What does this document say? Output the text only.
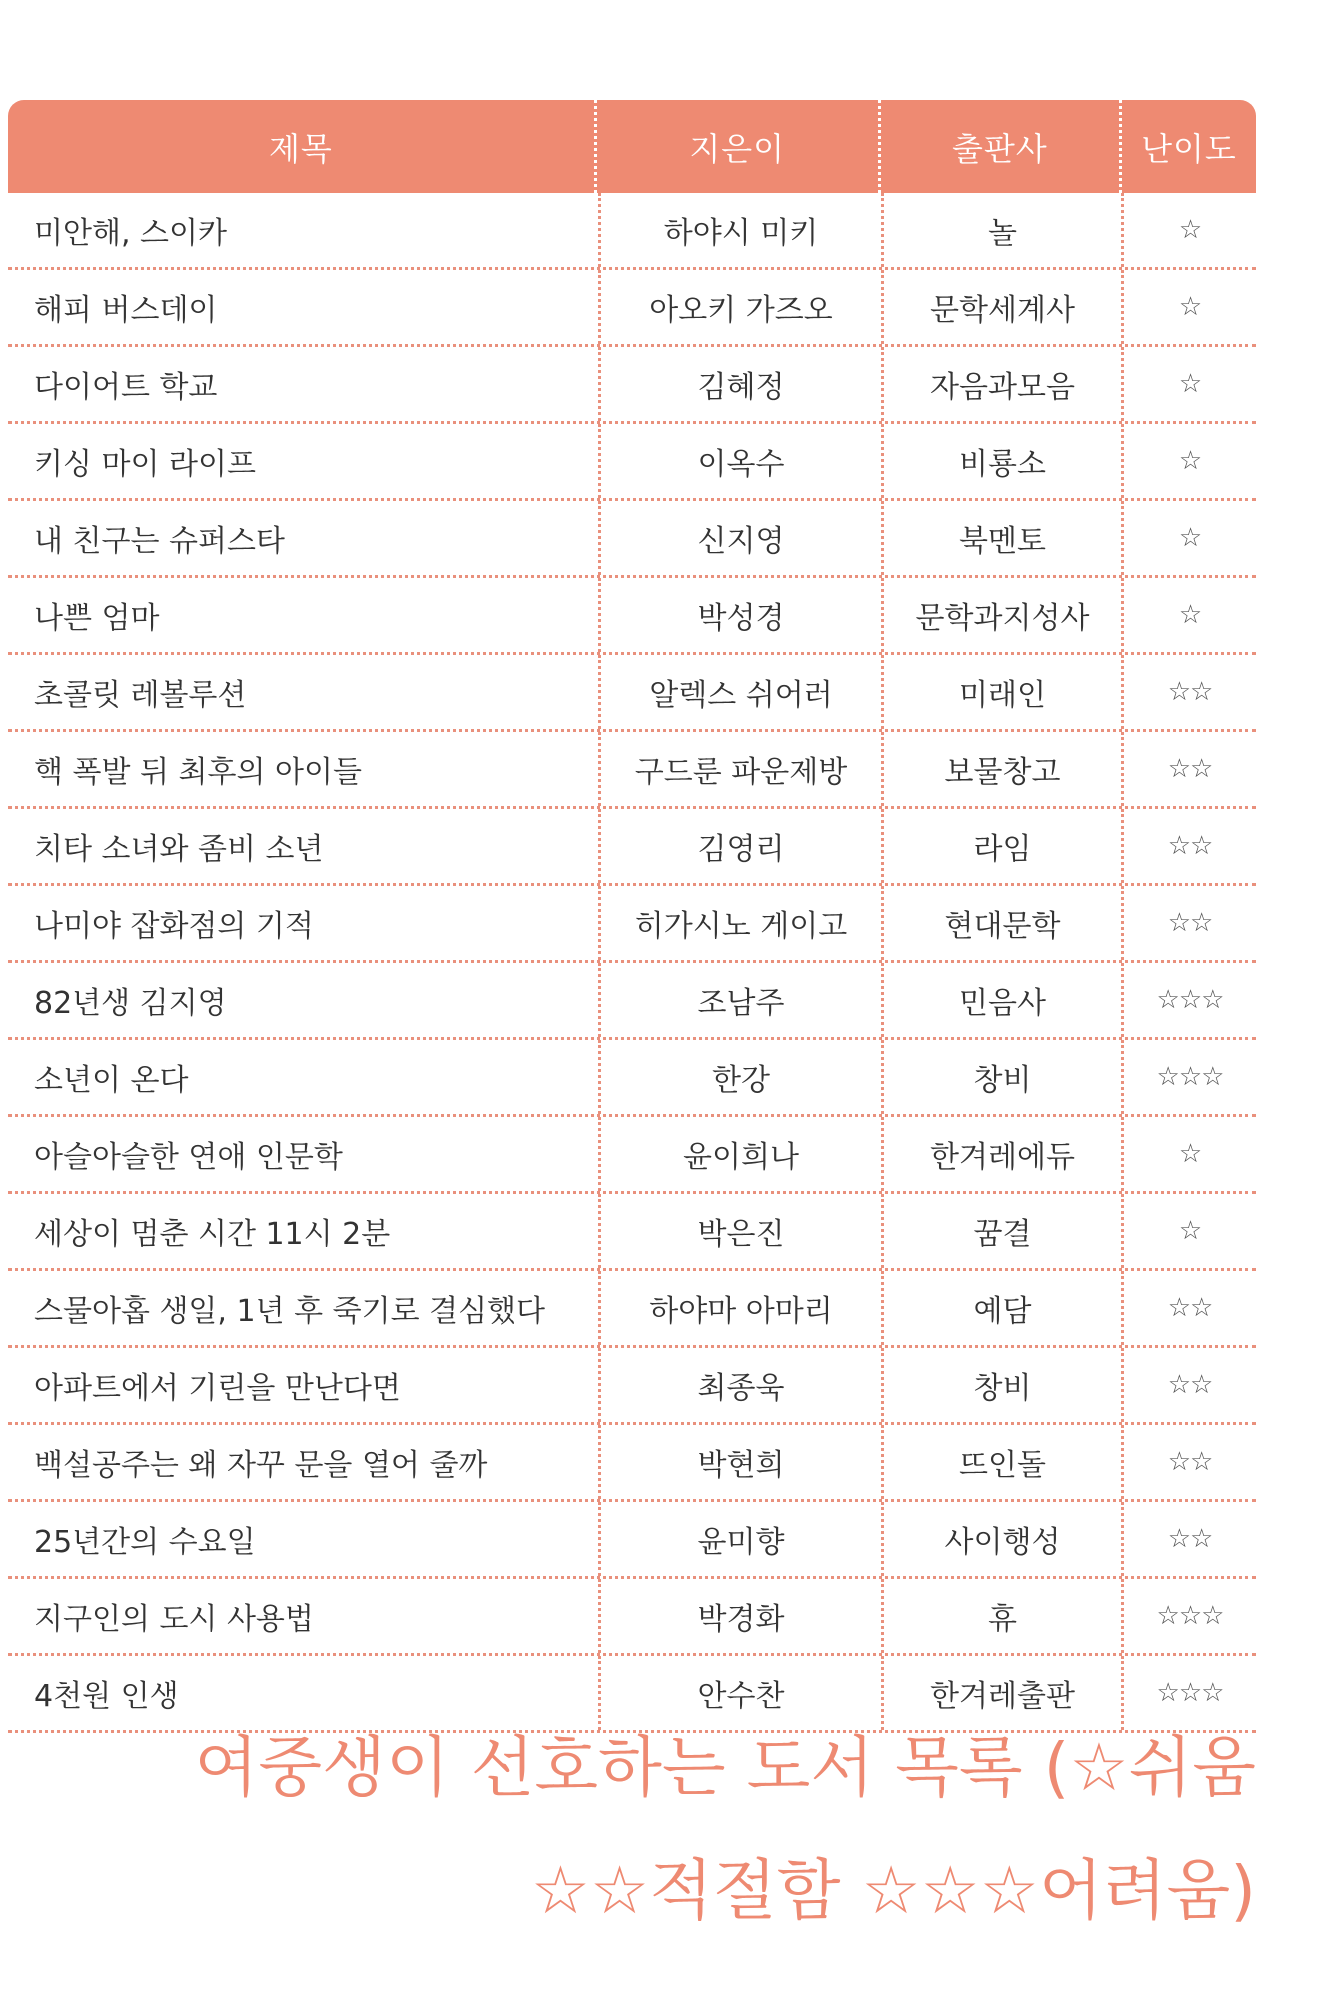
제목	지은이	출판사	난이도
미안해, 스이카	하야시 미키	놀	☆
해피 버스데이	아오키 가즈오	문학세계사	☆
다이어트 학교	김혜정	자음과모음	☆
키싱 마이 라이프	이옥수	비룡소	☆
내 친구는 슈퍼스타	신지영	북멘토	☆
나쁜 엄마	박성경	문학과지성사	☆
초콜릿 레볼루션	알렉스 쉬어러	미래인	☆☆
핵 폭발 뒤 최후의 아이들	구드룬 파운제방	보물창고	☆☆
치타 소녀와 좀비 소년	김영리	라임	☆☆
나미야 잡화점의 기적	히가시노 게이고	현대문학	☆☆
82년생 김지영	조남주	민음사	☆☆☆
소년이 온다	한강	창비	☆☆☆
아슬아슬한 연애 인문학	윤이희나	한겨레에듀	☆
세상이 멈춘 시간 11시 2분	박은진	꿈결	☆
스물아홉 생일, 1년 후 죽기로 결심했다	하야마 아마리	예담	☆☆
아파트에서 기린을 만난다면	최종욱	창비	☆☆
백설공주는 왜 자꾸 문을 열어 줄까	박현희	뜨인돌	☆☆
25년간의 수요일	윤미향	사이행성	☆☆
지구인의 도시 사용법	박경화	휴	☆☆☆
4천원 인생	안수찬	한겨레출판	☆☆☆
여중생이 선호하는 도서 목록 (☆쉬움
☆☆적절함 ☆☆☆어려움)
